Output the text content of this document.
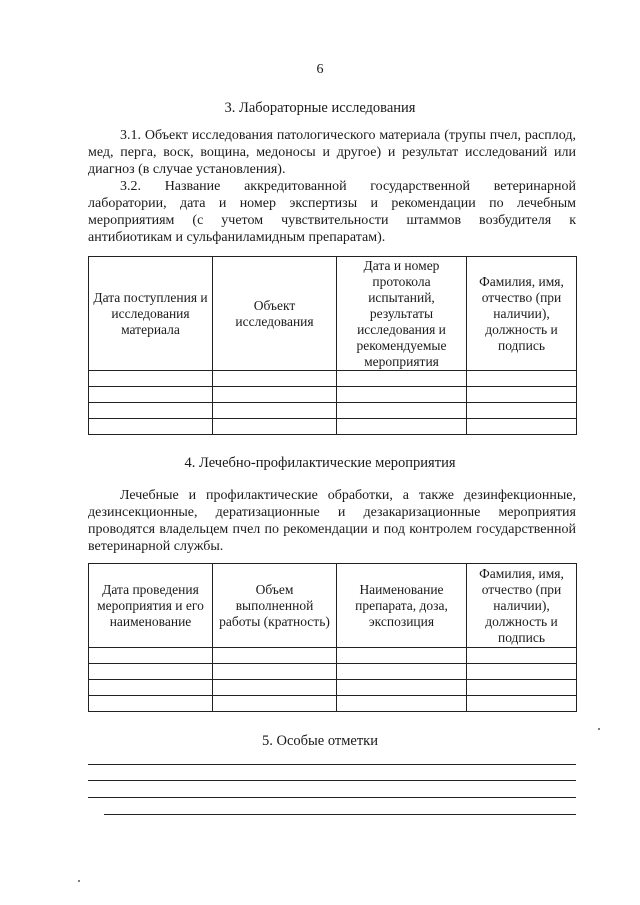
6
3. Лабораторные исследования

3.1. Объект исследования патологического материала (трупы пчел, расплод, мед, перга, воск, вощина, медоносы и другое) и результат исследований или диагноз (в случае установления).

3.2. Название аккредитованной государственной ветеринарной лаборатории, дата и номер экспертизы и рекомендации по лечебным мероприятиям (с учетом чувствительности штаммов возбудителя к антибиотикам и сульфаниламидным препаратам).

Дата поступления и исследования материала	Объект исследования	Дата и номер протокола испытаний, результаты исследования и рекомендуемые мероприятия	Фамилия, имя, отчество (при наличии), должность и подпись

4. Лечебно-профилактические мероприятия

Лечебные и профилактические обработки, а также дезинфекционные, дезинсекционные, дератизационные и дезакаризационные мероприятия проводятся владельцем пчел по рекомендации и под контролем государственной ветеринарной службы.

Дата проведения мероприятия и его наименование	Объем выполненной работы (кратность)	Наименование препарата, доза, экспозиция	Фамилия, имя, отчество (при наличии), должность и подпись

5. Особые отметки
